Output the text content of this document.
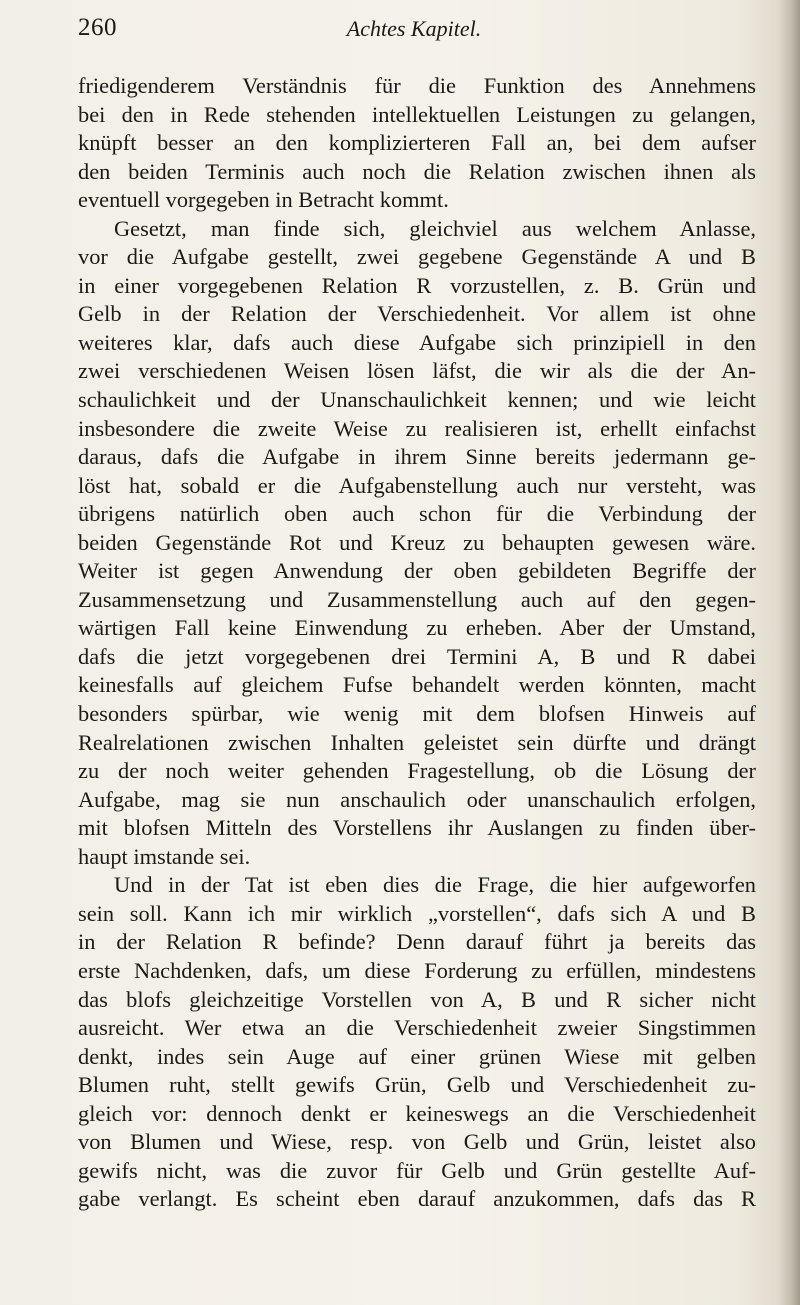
260	Achtes Kapitel.
friedigenderem Verständnis für die Funktion des Annehmens
bei den in Rede stehenden intellektuellen Leistungen zu gelangen,
knüpft besser an den komplizierteren Fall an, bei dem aufser
den beiden Terminis auch noch die Relation zwischen ihnen als
eventuell vorgegeben in Betracht kommt.
Gesetzt, man finde sich, gleichviel aus welchem Anlasse,
vor die Aufgabe gestellt, zwei gegebene Gegenstände A und B
in einer vorgegebenen Relation R vorzustellen, z. B. Grün und
Gelb in der Relation der Verschiedenheit. Vor allem ist ohne
weiteres klar, dafs auch diese Aufgabe sich prinzipiell in den
zwei verschiedenen Weisen lösen läfst, die wir als die der An-
schaulichkeit und der Unanschaulichkeit kennen; und wie leicht
insbesondere die zweite Weise zu realisieren ist, erhellt einfachst
daraus, dafs die Aufgabe in ihrem Sinne bereits jedermann ge-
löst hat, sobald er die Aufgabenstellung auch nur versteht, was
übrigens natürlich oben auch schon für die Verbindung der
beiden Gegenstände Rot und Kreuz zu behaupten gewesen wäre.
Weiter ist gegen Anwendung der oben gebildeten Begriffe der
Zusammensetzung und Zusammenstellung auch auf den gegen-
wärtigen Fall keine Einwendung zu erheben. Aber der Umstand,
dafs die jetzt vorgegebenen drei Termini A, B und R dabei
keinesfalls auf gleichem Fufse behandelt werden könnten, macht
besonders spürbar, wie wenig mit dem blofsen Hinweis auf
Realrelationen zwischen Inhalten geleistet sein dürfte und drängt
zu der noch weiter gehenden Fragestellung, ob die Lösung der
Aufgabe, mag sie nun anschaulich oder unanschaulich erfolgen,
mit blofsen Mitteln des Vorstellens ihr Auslangen zu finden über-
haupt imstande sei.
Und in der Tat ist eben dies die Frage, die hier aufgeworfen
sein soll. Kann ich mir wirklich „vorstellen“, dafs sich A und B
in der Relation R befinde? Denn darauf führt ja bereits das
erste Nachdenken, dafs, um diese Forderung zu erfüllen, mindestens
das blofs gleichzeitige Vorstellen von A, B und R sicher nicht
ausreicht. Wer etwa an die Verschiedenheit zweier Singstimmen
denkt, indes sein Auge auf einer grünen Wiese mit gelben
Blumen ruht, stellt gewifs Grün, Gelb und Verschiedenheit zu-
gleich vor: dennoch denkt er keineswegs an die Verschiedenheit
von Blumen und Wiese, resp. von Gelb und Grün, leistet also
gewifs nicht, was die zuvor für Gelb und Grün gestellte Auf-
gabe verlangt. Es scheint eben darauf anzukommen, dafs das R
